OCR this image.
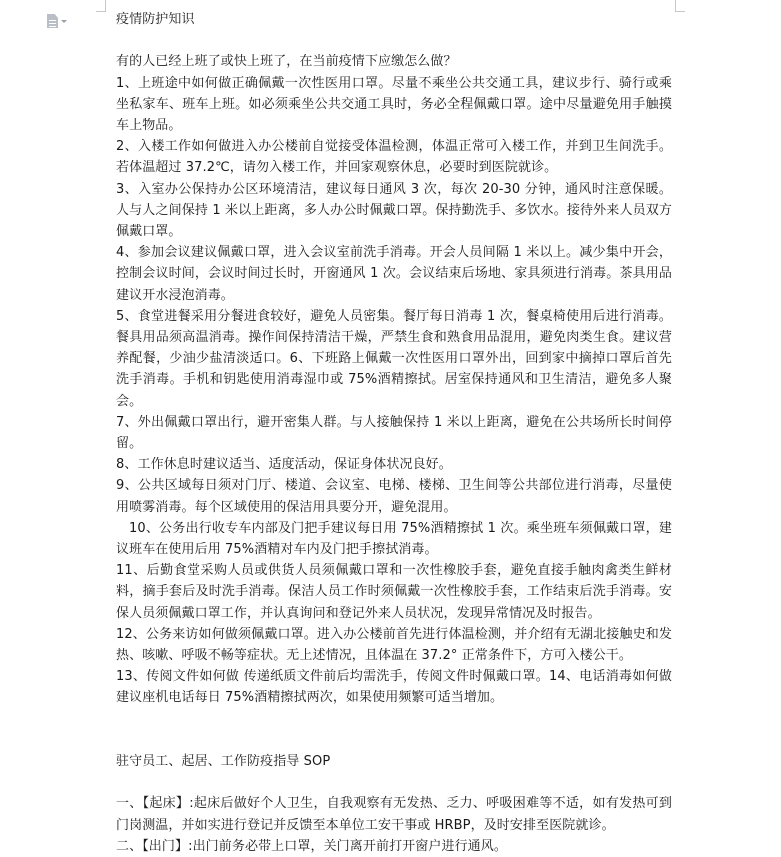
疫情防护知识

有的人已经上班了或快上班了，在当前疫情下应缴怎么做？

1、上班途中如何做正确佩戴一次性医用口罩。尽量不乘坐公共交通工具，建议步行、骑行或乘坐私家车、班车上班。如必须乘坐公共交通工具时，务必全程佩戴口罩。途中尽量避免用手触摸车上物品。

2、入楼工作如何做进入办公楼前自觉接受体温检测，体温正常可入楼工作，并到卫生间洗手。若体温超过 37.2℃，请勿入楼工作，并回家观察休息，必要时到医院就诊。

3、入室办公保持办公区环境清洁，建议每日通风 3 次，每次 20-30 分钟，通风时注意保暖。人与人之间保持 1 米以上距离，多人办公时佩戴口罩。保持勤洗手、多饮水。接待外来人员双方佩戴口罩。

4、参加会议建议佩戴口罩，进入会议室前洗手消毒。开会人员间隔 1 米以上。减少集中开会，控制会议时间，会议时间过长时，开窗通风 1 次。会议结束后场地、家具须进行消毒。茶具用品建议开水浸泡消毒。

5、食堂进餐采用分餐进食较好，避免人员密集。餐厅每日消毒 1 次，餐桌椅使用后进行消毒。餐具用品须高温消毒。操作间保持清洁干燥，严禁生食和熟食用品混用，避免肉类生食。建议营养配餐，少油少盐清淡适口。6、下班路上佩戴一次性医用口罩外出，回到家中摘掉口罩后首先洗手消毒。手机和钥匙使用消毒湿巾或 75%酒精擦拭。居室保持通风和卫生清洁，避免多人聚会。

7、外出佩戴口罩出行，避开密集人群。与人接触保持 1 米以上距离，避免在公共场所长时间停留。

8、工作休息时建议适当、适度活动，保证身体状况良好。

9、公共区域每日须对门厅、楼道、会议室、电梯、楼梯、卫生间等公共部位进行消毒，尽量使用喷雾消毒。每个区域使用的保洁用具要分开，避免混用。

10、公务出行收专车内部及门把手建议每日用 75%酒精擦拭 1 次。乘坐班车须佩戴口罩，建议班车在使用后用 75%酒精对车内及门把手擦拭消毒。

11、后勤食堂采购人员或供货人员须佩戴口罩和一次性橡胶手套，避免直接手触肉禽类生鲜材料，摘手套后及时洗手消毒。保洁人员工作时须佩戴一次性橡胶手套，工作结束后洗手消毒。安保人员须佩戴口罩工作，并认真询问和登记外来人员状况，发现异常情况及时报告。

12、公务来访如何做须佩戴口罩。进入办公楼前首先进行体温检测，并介绍有无湖北接触史和发热、咳嗽、呼吸不畅等症状。无上述情况，且体温在 37.2° 正常条件下，方可入楼公干。

13、传阅文件如何做 传递纸质文件前后均需洗手，传阅文件时佩戴口罩。14、电话消毒如何做建议座机电话每日 75%酒精擦拭两次，如果使用频繁可适当增加。

驻守员工、起居、工作防疫指导 SOP

一、【起床】:起床后做好个人卫生，自我观察有无发热、乏力、呼吸困难等不适，如有发热可到门岗测温，并如实进行登记并反馈至本单位工安干事或 HRBP，及时安排至医院就诊。

二、【出门】:出门前务必带上口罩，关门离开前打开窗户进行通风。
